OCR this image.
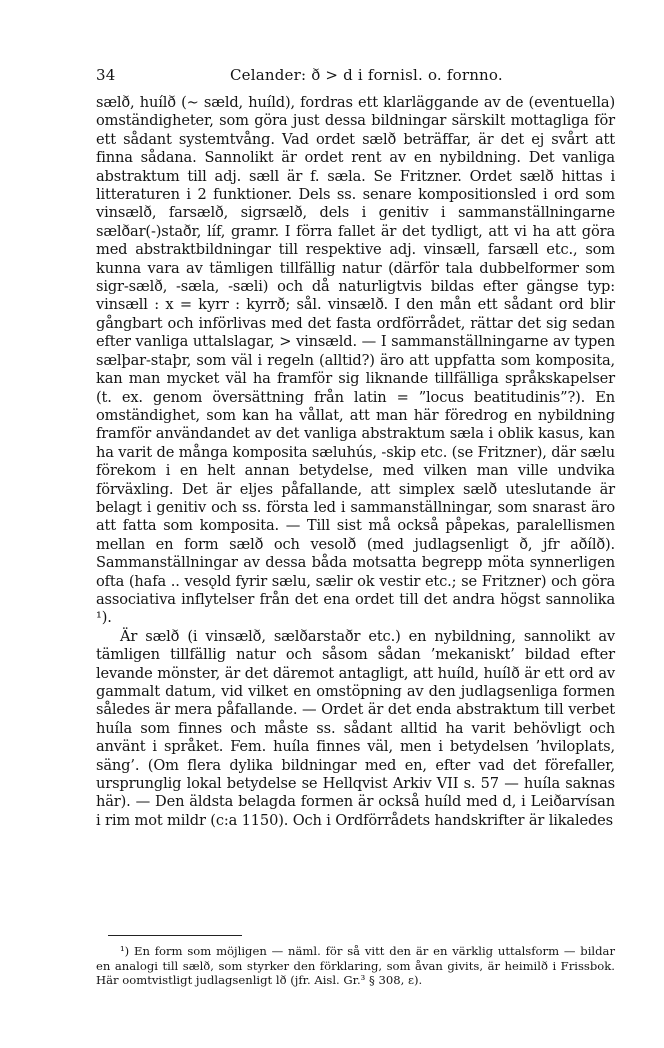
34	Celander: ð > d i fornisl. o. fornno.

sælð, huílð (∼ sæld, huíld), fordras ett klarläggande av de (eventuella) omständigheter, som göra just dessa bildningar särskilt mottagliga för ett sådant systemtvång. Vad ordet sælð beträffar, är det ej svårt att finna sådana. Sannolikt är ordet rent av en nybildning. Det vanliga abstraktum till adj. sæll är f. sæla. Se Fritzner. Ordet sælð hittas i litteraturen i 2 funktioner. Dels ss. senare kompositionsled i ord som vinsælð, farsælð, sigrsælð, dels i genitiv i sammanställningarne sælðar(-)staðr, líf, gramr. I förra fallet är det tydligt, att vi ha att göra med abstraktbildningar till respektive adj. vinsæll, farsæll etc., som kunna vara av tämligen tillfällig natur (därför tala dubbelformer som sigr-sælð, -sæla, -sæli) och då naturligtvis bildas efter gängse typ: vinsæll : x = kyrr : kyrrð; sål. vinsælð. I den mån ett sådant ord blir gångbart och införlivas med det fasta ordförrådet, rättar det sig sedan efter vanliga uttalslagar, > vinsæld. — I sammanställningarne av typen sælþar-staþr, som väl i regeln (alltid?) äro att uppfatta som komposita, kan man mycket väl ha framför sig liknande tillfälliga språkskapelser (t. ex. genom översättning från latin = ”locus beatitudinis”?). En omständighet, som kan ha vållat, att man här föredrog en nybildning framför användandet av det vanliga abstraktum sæla i oblik kasus, kan ha varit de många komposita sæluhús, -skip etc. (se Fritzner), där sælu förekom i en helt annan betydelse, med vilken man ville undvika förväxling. Det är eljes påfallande, att simplex sælð uteslutande är belagt i genitiv och ss. första led i sammanställningar, som snarast äro att fatta som komposita. — Till sist må också påpekas, paralellismen mellan en form sælð och vesolð (med judlagsenligt ð, jfr aðílð). Sammanställningar av dessa båda motsatta begrepp möta synnerligen ofta (hafa .. vesǫld fyrir sælu, sælir ok vestir etc.; se Fritzner) och göra associativa inflytelser från det ena ordet till det andra högst sannolika ¹).

Är sælð (i vinsælð, sælðarstaðr etc.) en nybildning, sannolikt av tämligen tillfällig natur och såsom sådan ’mekaniskt’ bildad efter levande mönster, är det däremot antagligt, att huíld, huílð är ett ord av gammalt datum, vid vilket en omstöpning av den judlagsenliga formen således är mera påfallande. — Ordet är det enda abstraktum till verbet huíla som finnes och måste ss. sådant alltid ha varit behövligt och använt i språket. Fem. huíla finnes väl, men i betydelsen ’hviloplats, säng’. (Om flera dylika bildningar med en, efter vad det förefaller, ursprunglig lokal betydelse se Hellqvist Arkiv VII s. 57 — huíla saknas här). — Den äldsta belagda formen är också huíld med d, i Leiðarvísan i rim mot mildr (c:a 1150). Och i Ordförrådets handskrifter är likaledes

¹) En form som möjligen — näml. för så vitt den är en värklig uttalsform — bildar en analogi till sælð, som styrker den förklaring, som åvan givits, är heimilð i Frissbok. Här oomtvistligt judlagsenligt lð (jfr. Aisl. Gr.³ § 308, ε).
